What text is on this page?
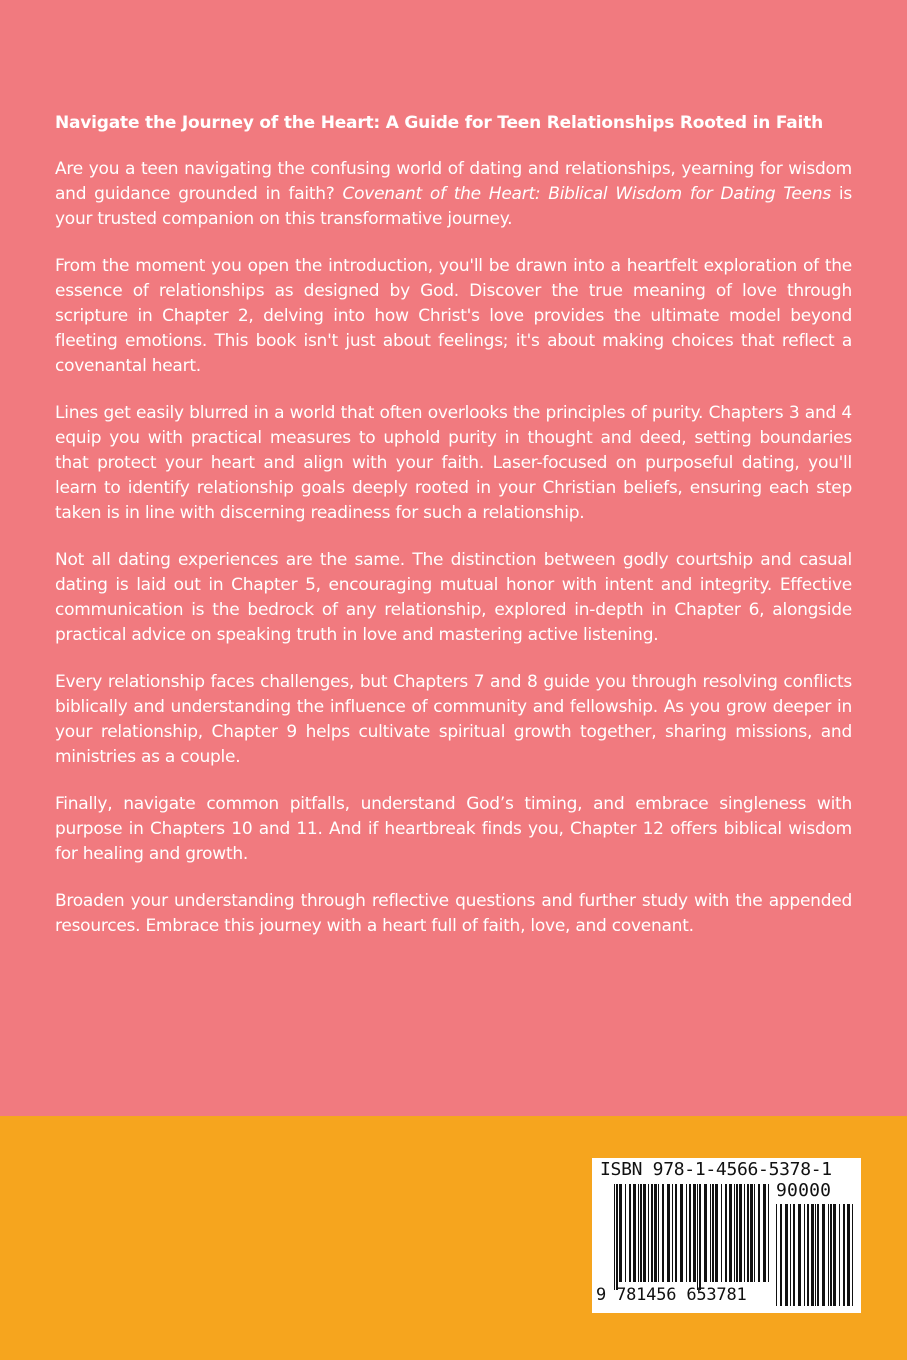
Navigate the Journey of the Heart: A Guide for Teen Relationships Rooted in Faith

Are you a teen navigating the confusing world of dating and relationships, yearning for wisdom and guidance grounded in faith? Covenant of the Heart: Biblical Wisdom for Dating Teens is your trusted companion on this transformative journey.

From the moment you open the introduction, you'll be drawn into a heartfelt exploration of the essence of relationships as designed by God. Discover the true meaning of love through scripture in Chapter 2, delving into how Christ's love provides the ultimate model beyond fleeting emotions. This book isn't just about feelings; it's about making choices that reflect a covenantal heart.

Lines get easily blurred in a world that often overlooks the principles of purity. Chapters 3 and 4 equip you with practical measures to uphold purity in thought and deed, setting boundaries that protect your heart and align with your faith. Laser-focused on purposeful dating, you'll learn to identify relationship goals deeply rooted in your Christian beliefs, ensuring each step taken is in line with discerning readiness for such a relationship.

Not all dating experiences are the same. The distinction between godly courtship and casual dating is laid out in Chapter 5, encouraging mutual honor with intent and integrity. Effective communication is the bedrock of any relationship, explored in-depth in Chapter 6, alongside practical advice on speaking truth in love and mastering active listening.

Every relationship faces challenges, but Chapters 7 and 8 guide you through resolving conflicts biblically and understanding the influence of community and fellowship. As you grow deeper in your relationship, Chapter 9 helps cultivate spiritual growth together, sharing missions, and ministries as a couple.

Finally, navigate common pitfalls, understand God’s timing, and embrace singleness with purpose in Chapters 10 and 11. And if heartbreak finds you, Chapter 12 offers biblical wisdom for healing and growth.

Broaden your understanding through reflective questions and further study with the appended resources. Embrace this journey with a heart full of faith, love, and covenant.

ISBN 978-1-4566-5378-1
90000
9 781456 653781
